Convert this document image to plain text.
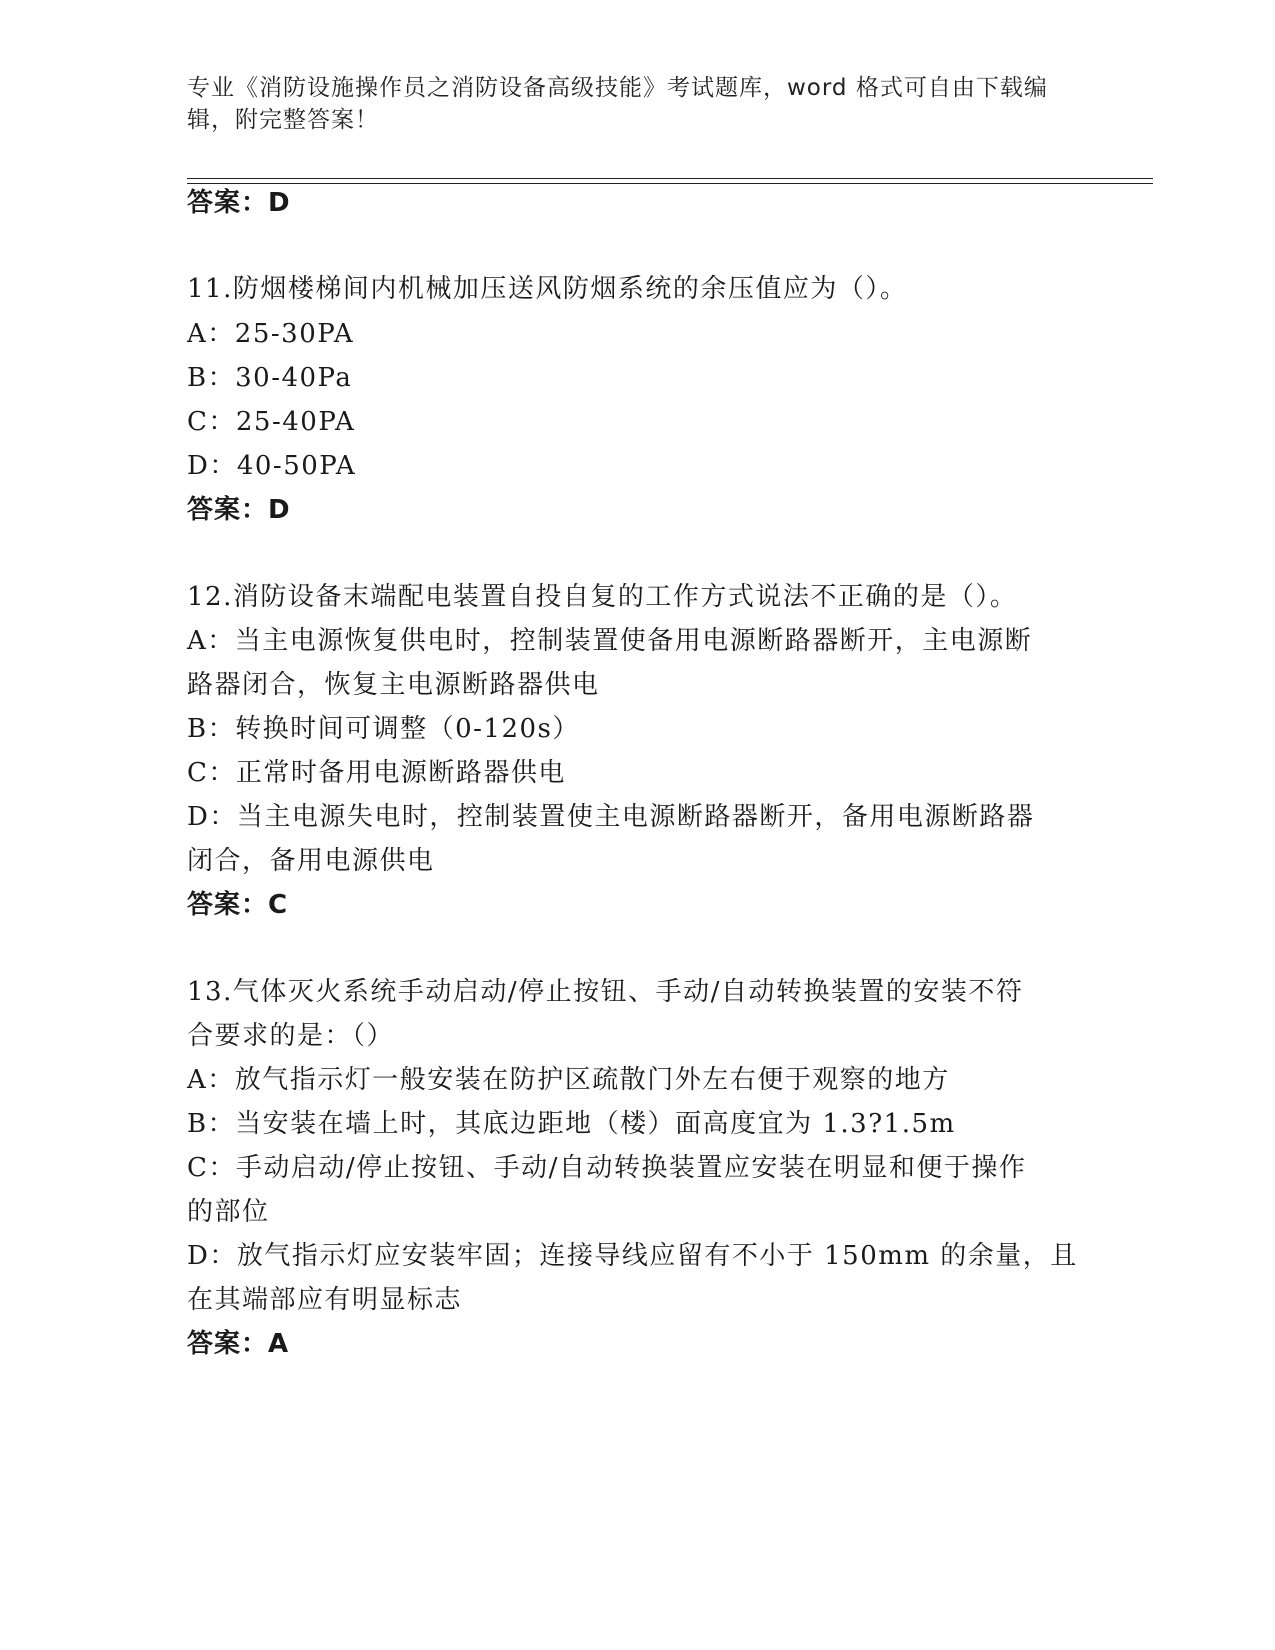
专业《消防设施操作员之消防设备高级技能》考试题库，word 格式可自由下载编
辑，附完整答案！
答案：D
11.防烟楼梯间内机械加压送风防烟系统的余压值应为（）。
A：25-30PA
B：30-40Pa
C：25-40PA
D：40-50PA
答案：D
12.消防设备末端配电装置自投自复的工作方式说法不正确的是（）。
A：当主电源恢复供电时，控制装置使备用电源断路器断开，主电源断
路器闭合，恢复主电源断路器供电
B：转换时间可调整（0-120s）
C：正常时备用电源断路器供电
D：当主电源失电时，控制装置使主电源断路器断开，备用电源断路器
闭合，备用电源供电
答案：C
13.气体灭火系统手动启动/停止按钮、手动/自动转换装置的安装不符
合要求的是：（）
A：放气指示灯一般安装在防护区疏散门外左右便于观察的地方
B：当安装在墙上时，其底边距地（楼）面高度宜为 1.3?1.5m
C：手动启动/停止按钮、手动/自动转换装置应安装在明显和便于操作
的部位
D：放气指示灯应安装牢固；连接导线应留有不小于 150mm 的余量，且
在其端部应有明显标志
答案：A
